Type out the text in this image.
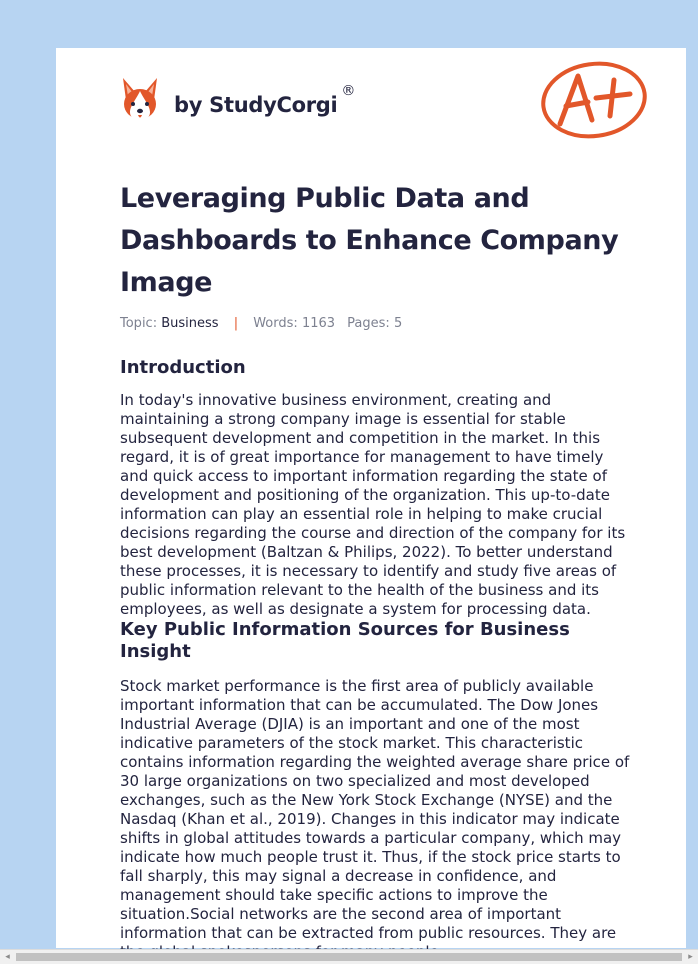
by StudyCorgi
®
Leveraging Public Data and Dashboards to Enhance Company Image
Topic: Business | Words: 1163 Pages: 5
Introduction

In today's innovative business environment, creating and maintaining a strong company image is essential for stable subsequent development and competition in the market. In this regard, it is of great importance for management to have timely and quick access to important information regarding the state of development and positioning of the organization. This up-to-date information can play an essential role in helping to make crucial decisions regarding the course and direction of the company for its best development (Baltzan & Philips, 2022). To better understand these processes, it is necessary to identify and study five areas of public information relevant to the health of the business and its employees, as well as designate a system for processing data.

Key Public Information Sources for Business Insight

Stock market performance is the first area of publicly available important information that can be accumulated. The Dow Jones Industrial Average (DJIA) is an important and one of the most indicative parameters of the stock market. This characteristic contains information regarding the weighted average share price of 30 large organizations on two specialized and most developed exchanges, such as the New York Stock Exchange (NYSE) and the Nasdaq (Khan et al., 2019). Changes in this indicator may indicate shifts in global attitudes towards a particular company, which may indicate how much people trust it. Thus, if the stock price starts to fall sharply, this may signal a decrease in confidence, and management should take specific actions to improve the situation.Social networks are the second area of important information that can be extracted from public resources. They are

◂	▸
